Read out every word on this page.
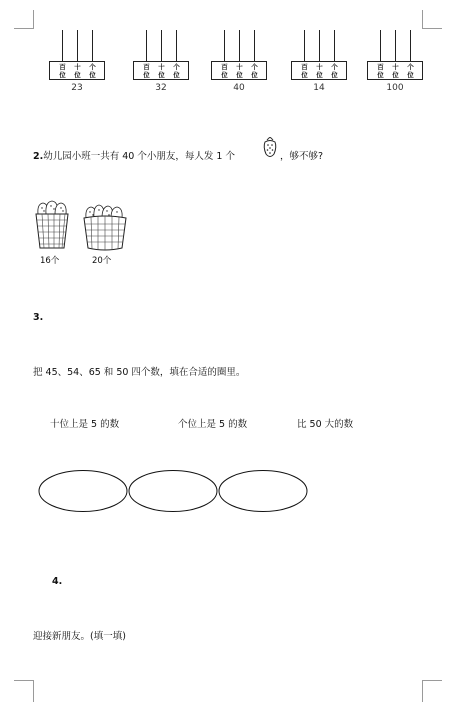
百 十 个
位 位 位
23
百 十 个
位 位 位
32
百 十 个
位 位 位
40
百 十 个
位 位 位
14
百 十 个
位 位 位
100
2.幼儿园小班一共有 40 个小朋友，每人发 1 个	，够不够?
16个	20个
3.
把 45、54、65 和 50 四个数，填在合适的圈里。
十位上是 5 的数	个位上是 5 的数	比 50 大的数
4.
迎接新朋友。(填一填)
